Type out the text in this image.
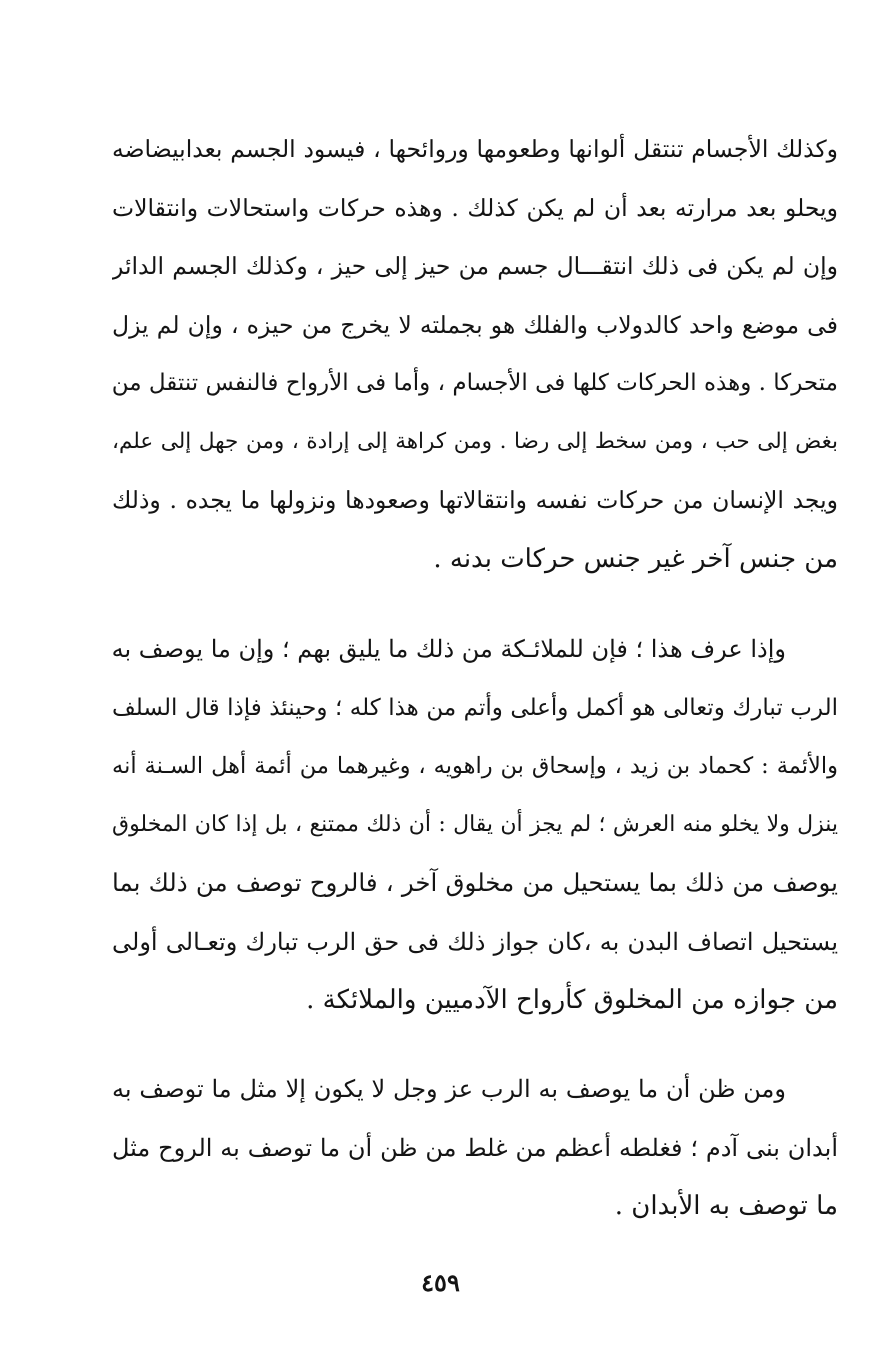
وكذلك الأجسام تنتقل ألوانها وطعومها وروائحها ، فيسود الجسم بعدابيضاضه
ويحلو بعد مرارته بعد أن لم يكن كذلك . وهذه حركات واستحالات وانتقالات
وإن لم يكن فى ذلك انتقـــال جسم من حيز إلى حيز ، وكذلك الجسم الدائر
فى موضع واحد كالدولاب والفلك هو بجملته لا يخرج من حيزه ، وإن لم يزل
متحركا . وهذه الحركات كلها فى الأجسام ، وأما فى الأرواح فالنفس تنتقل من
بغض إلى حب ، ومن سخط إلى رضا . ومن كراهة إلى إرادة ، ومن جهل إلى علم،
ويجد الإنسان من حركات نفسه وانتقالاتها وصعودها ونزولها ما يجده . وذلك
من جنس آخر غير جنس حركات بدنه .
وإذا عرف هذا ؛ فإن للملائـكة من ذلك ما يليق بهم ؛ وإن ما يوصف به
الرب تبارك وتعالى هو أكمل وأعلى وأتم من هذا كله ؛ وحينئذ فإذا قال السلف
والأئمة : كحماد بن زيد ، وإسحاق بن راهويه ، وغيرهما من أئمة أهل السـنة أنه
ينزل ولا يخلو منه العرش ؛ لم يجز أن يقال : أن ذلك ممتنع ، بل إذا كان المخلوق
يوصف من ذلك بما يستحيل من مخلوق آخر ، فالروح توصف من ذلك بما
يستحيل اتصاف البدن به ،كان جواز ذلك فى حق الرب تبارك وتعـالى أولى
من جوازه من المخلوق كأرواح الآدميين والملائكة .
ومن ظن أن ما يوصف به الرب عز وجل لا يكون إلا مثل ما توصف به
أبدان بنى آدم ؛ فغلطه أعظم من غلط من ظن أن ما توصف به الروح مثل
ما توصف به الأبدان .
٤٥٩
